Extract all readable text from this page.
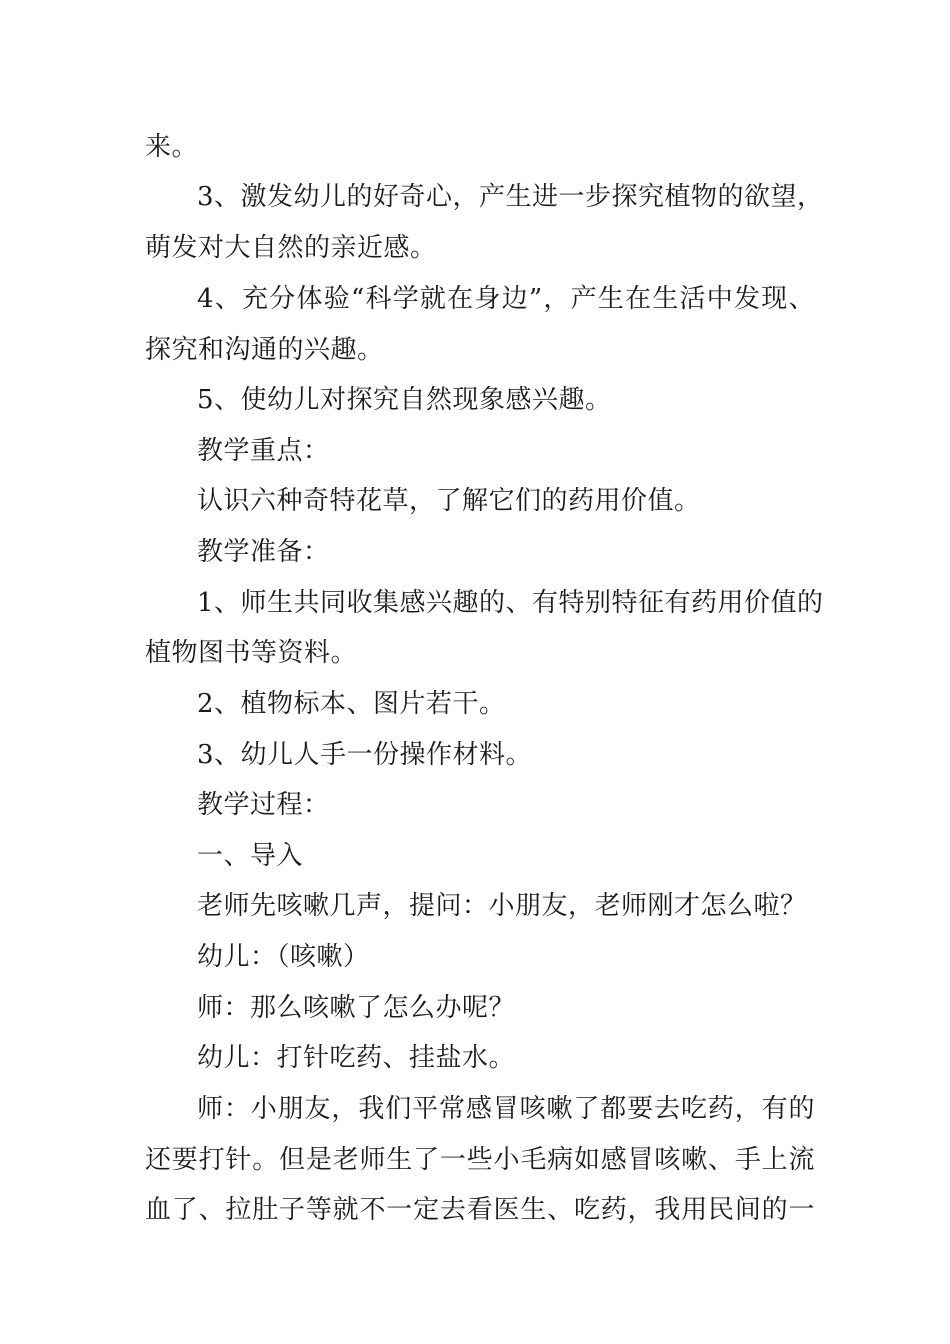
来。
3、激发幼儿的好奇心，产生进一步探究植物的欲望，
萌发对大自然的亲近感。
4、充分体验“科学就在身边”，产生在生活中发现、
探究和沟通的兴趣。
5、使幼儿对探究自然现象感兴趣。
教学重点：
认识六种奇特花草，了解它们的药用价值。
教学准备：
1、师生共同收集感兴趣的、有特别特征有药用价值的
植物图书等资料。
2、植物标本、图片若干。
3、幼儿人手一份操作材料。
教学过程：
一、导入
老师先咳嗽几声，提问：小朋友，老师刚才怎么啦？
幼儿：（咳嗽）
师：那么咳嗽了怎么办呢？
幼儿：打针吃药、挂盐水。
师：小朋友，我们平常感冒咳嗽了都要去吃药，有的
还要打针。但是老师生了一些小毛病如感冒咳嗽、手上流
血了、拉肚子等就不一定去看医生、吃药，我用民间的一
